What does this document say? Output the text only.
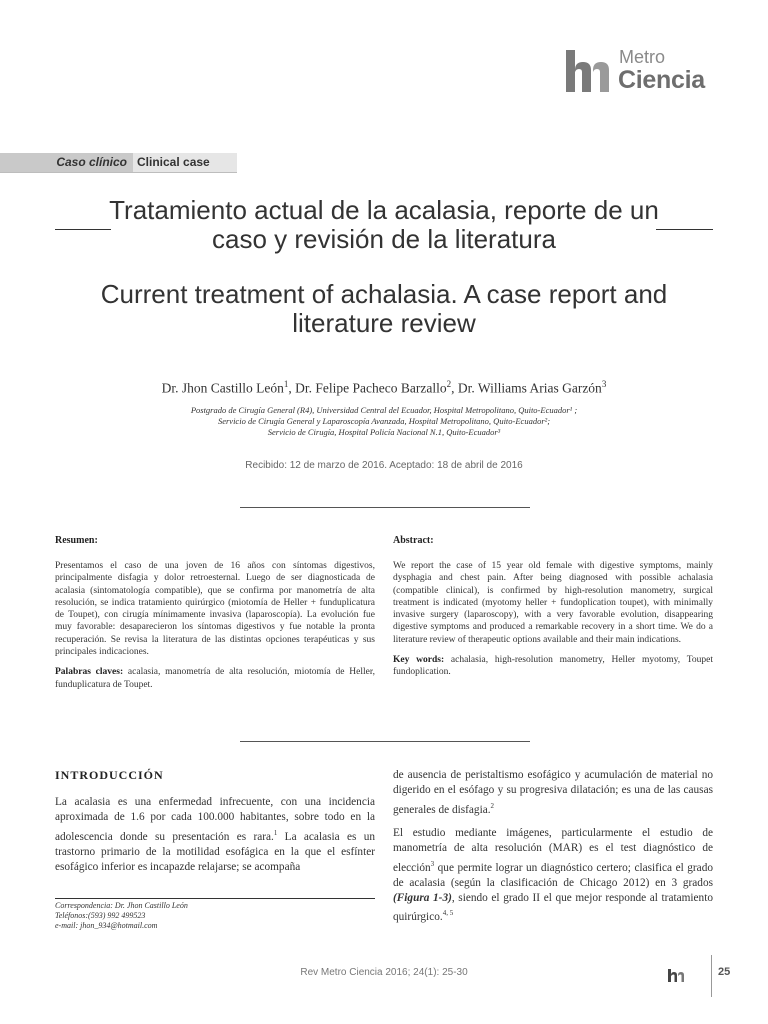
Metro
Ciencia
Caso clínico Clinical case
Tratamiento actual de la acalasia, reporte de un caso y revisión de la literatura
Current treatment of achalasia. A case report and literature review
Dr. Jhon Castillo León$^1$, Dr. Felipe Pacheco Barzallo$^2$, Dr. Williams Arias Garzón$^3$
Postgrado de Cirugía General (R4), Universidad Central del Ecuador, Hospital Metropolitano, Quito-Ecuador¹ ;
Servicio de Cirugía General y Laparoscopía Avanzada, Hospital Metropolitano, Quito-Ecuador²;
Servicio de Cirugía, Hospital Policía Nacional N.1, Quito-Ecuador³
Recibido: 12 de marzo de 2016. Aceptado: 18 de abril de 2016
Resumen:

Presentamos el caso de una joven de 16 años con síntomas digestivos, principalmente disfagia y dolor retroesternal. Luego de ser diagnosticada de acalasia (sintomatología compatible), que se confirma por manometría de alta resolución, se indica tratamiento quirúrgico (miotomía de Heller + funduplicatura de Toupet), con cirugía mínimamente invasiva (laparoscopía). La evolución fue muy favorable: desaparecieron los síntomas digestivos y fue notable la pronta recuperación. Se revisa la literatura de las distintas opciones terapéuticas y sus principales indicaciones.

Palabras claves: acalasia, manometría de alta resolución, miotomía de Heller, funduplicatura de Toupet.

Abstract:

We report the case of 15 year old female with digestive symptoms, mainly dysphagia and chest pain. After being diagnosed with possible achalasia (compatible clinical), is confirmed by high-resolution manometry, surgical treatment is indicated (myotomy heller + fundoplication toupet), with minimally invasive surgery (laparoscopy), with a very favorable evolution, disappearing digestive symptoms and produced a remarkable recovery in a short time. We do a literature review of therapeutic options available and their main indications.

Key words: achalasia, high-resolution manometry, Heller myotomy, Toupet fundoplication.

INTRODUCCIÓN

La acalasia es una enfermedad infrecuente, con una incidencia aproximada de 1.6 por cada 100.000 habitantes, sobre todo en la adolescencia donde su presentación es rara.$^1$ La acalasia es un trastorno primario de la motilidad esofágica en la que el esfínter esofágico inferior es incapazde relajarse; se acompaña

de ausencia de peristaltismo esofágico y acumulación de material no digerido en el esófago y su progresiva dilatación; es una de las causas generales de disfagia.$^2$

El estudio mediante imágenes, particularmente el estudio de manometría de alta resolución (MAR) es el test diagnóstico de elección$^3$ que permite lograr un diagnóstico certero; clasifica el grado de acalasia (según la clasificación de Chicago 2012) en 3 grados (Figura 1-3), siendo el grado II el que mejor responde al tratamiento quirúrgico.$^{4, 5}$

Correspondencia: Dr. Jhon Castillo León
Teléfonos:(593) 992 499523
e-mail: jhon_934@hotmail.com
Rev Metro Ciencia 2016; 24(1): 25-30	25
